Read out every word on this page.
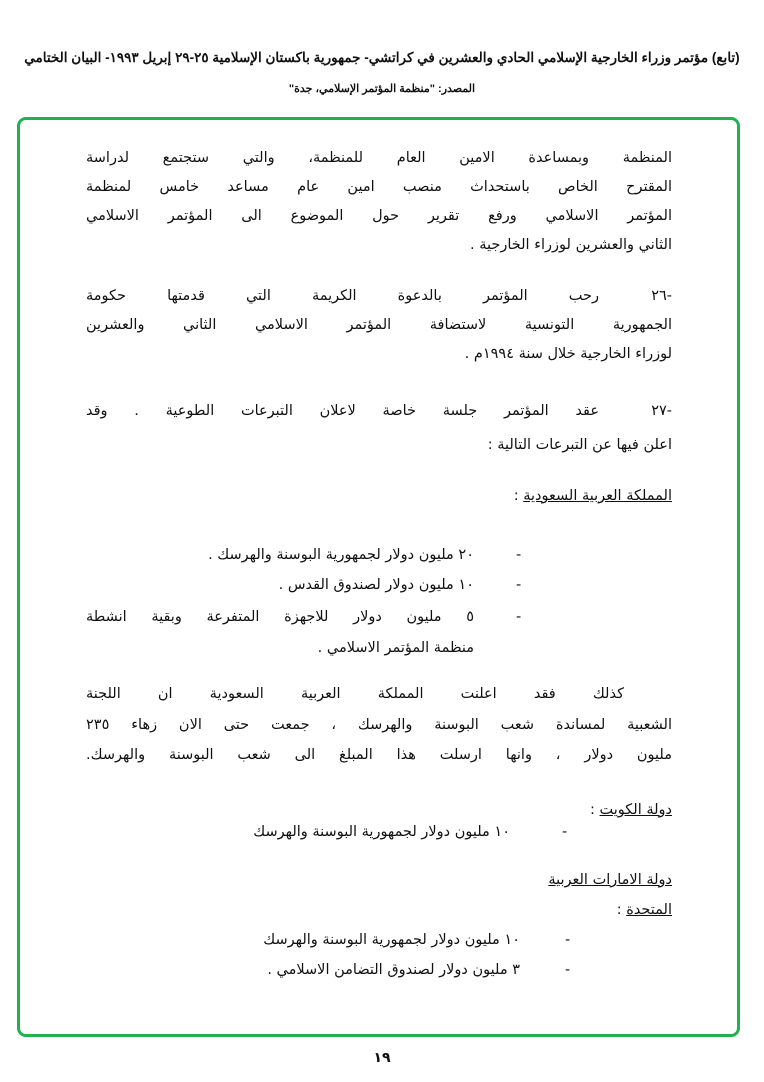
(تابع) مؤتمر وزراء الخارجية الإسلامي الحادي والعشرين في كراتشي- جمهورية باكستان الإسلامية ٢٥-٢٩ إبريل ١٩٩٣- البيان الختامي
المصدر: "منظمة المؤتمر الإسلامي، جدة"
المنظمة وبمساعدة الامين العام للمنظمة، والتي ستجتمع لدراسة
المقترح الخاص باستحداث منصب امين عام مساعد خامس لمنظمة
المؤتمر الاسلامي ورفع تقرير حول الموضوع الى المؤتمر الاسلامي
الثاني والعشرين لوزراء الخارجية .
-٢٦
رحب المؤتمر بالدعوة الكريمة التي قدمتها حكومة
الجمهورية التونسية لاستضافة المؤتمر الاسلامي الثاني والعشرين
لوزراء الخارجية خلال سنة ١٩٩٤م .
-٢٧
عقد المؤتمر جلسة خاصة لاعلان التبرعات الطوعية . وقد
اعلن فيها عن التبرعات التالية :
المملكة العربية السعودية :
-
٢٠ مليون دولار لجمهورية البوسنة والهرسك .
-
١٠ مليون دولار لصندوق القدس .
-
٥ مليون دولار للاجهزة المتفرعة وبقية انشطة
منظمة المؤتمر الاسلامي .
كذلك فقد اعلنت المملكة العربية السعودية ان اللجنة
الشعبية لمساندة شعب البوسنة والهرسك ، جمعت حتى الان زهاء ٢٣٥
مليون دولار ، وانها ارسلت هذا المبلغ الى شعب البوسنة والهرسك.
دولة الكويت :
-
١٠ مليون دولار لجمهورية البوسنة والهرسك
دولة الامارات العربية
المتحدة :
-
١٠ مليون دولار لجمهورية البوسنة والهرسك
-
٣ مليون دولار لصندوق التضامن الاسلامي .
١٩
